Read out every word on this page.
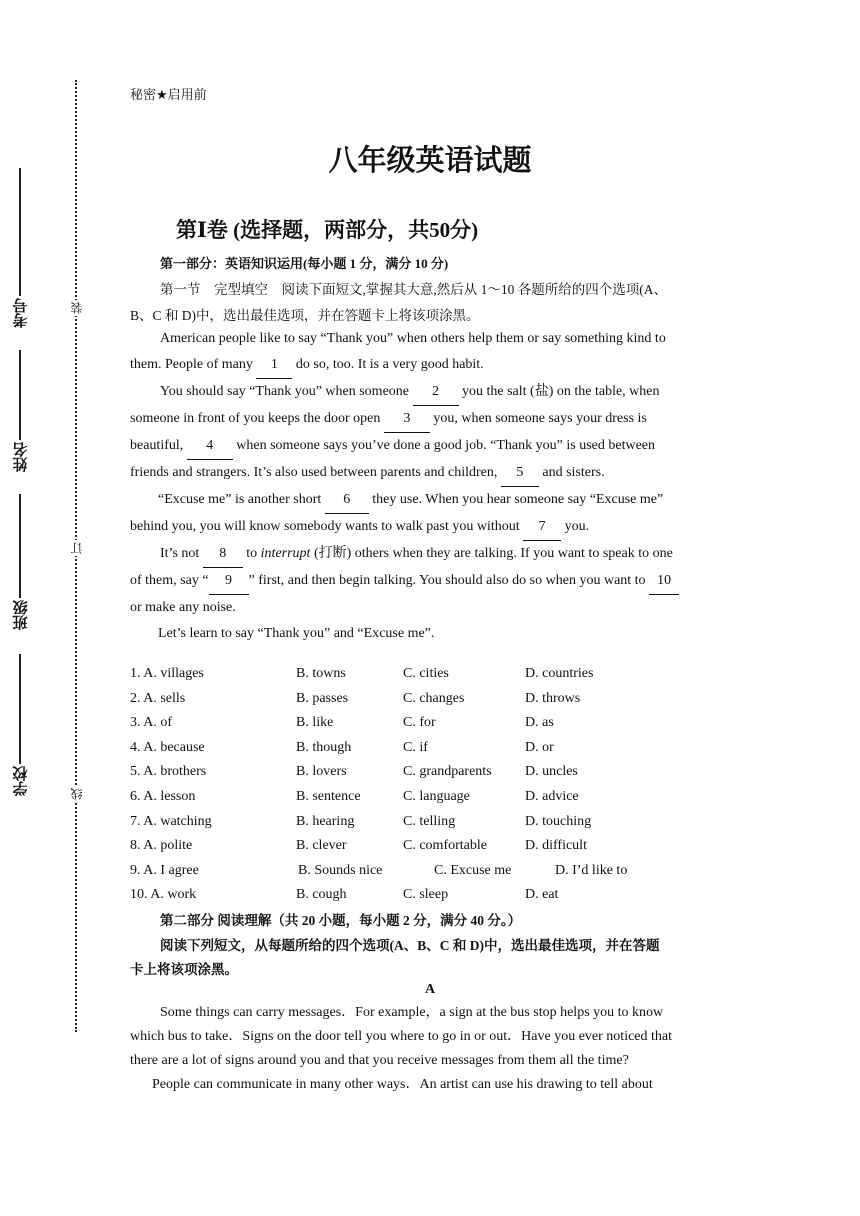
装
订
线
考号
姓名
班级
学校
秘密★启用前
八年级英语试题
第Ⅰ卷 (选择题，两部分，共50分)
第一部分：英语知识运用(每小题 1 分，满分 10 分)
第一节　完型填空　阅读下面短文,掌握其大意,然后从 1～10 各题所给的四个选项(A、
B、C 和 D)中，选出最佳选项，并在答题卡上将该项涂黑。
American people like to say “Thank you” when others help them or say something kind to
them. People of many 1 do so, too. It is a very good habit.
You should say “Thank you” when someone 2 you the salt (盐) on the table, when
someone in front of you keeps the door open 3 you, when someone says your dress is
beautiful, 4 when someone says you’ve done a good job. “Thank you” is used between
friends and strangers. It’s also used between parents and children, 5 and sisters.
“Excuse me” is another short 6 they use. When you hear someone say “Excuse me”
behind you, you will know somebody wants to walk past you without 7 you.
It’s not 8 to interrupt (打断) others when they are talking. If you want to speak to one
of them, say “ 9 ” first, and then begin talking. You should also do so when you want to 10
or make any noise.
Let’s learn to say “Thank you” and “Excuse me”.
1. A. villages	B. towns	C. cities	D. countries
2. A. sells	B. passes	C. changes	D. throws
3. A. of	B. like	C. for	D. as
4. A. because	B. though	C. if	D. or
5. A. brothers	B. lovers	C. grandparents D. uncles
6. A. lesson	B. sentence	C. language	D. advice
7. A. watching	B. hearing	C. telling	D. touching
8. A. polite	B. clever	C. comfortable	D. difficult
9. A. I agree	B. Sounds nice	C. Excuse me	D. I’d like to
10. A. work	B. cough	C. sleep	D. eat
第二部分 阅读理解（共 20 小题，每小题 2 分，满分 40 分。）
阅读下列短文，从每题所给的四个选项(A、B、C 和 D)中，选出最佳选项，并在答题
卡上将该项涂黑。
A
Some things can carry messages．For example，a sign at the bus stop helps you to know
which bus to take．Signs on the door tell you where to go in or out．Have you ever noticed that
there are a lot of signs around you and that you receive messages from them all the time?
People can communicate in many other ways．An artist can use his drawing to tell about
